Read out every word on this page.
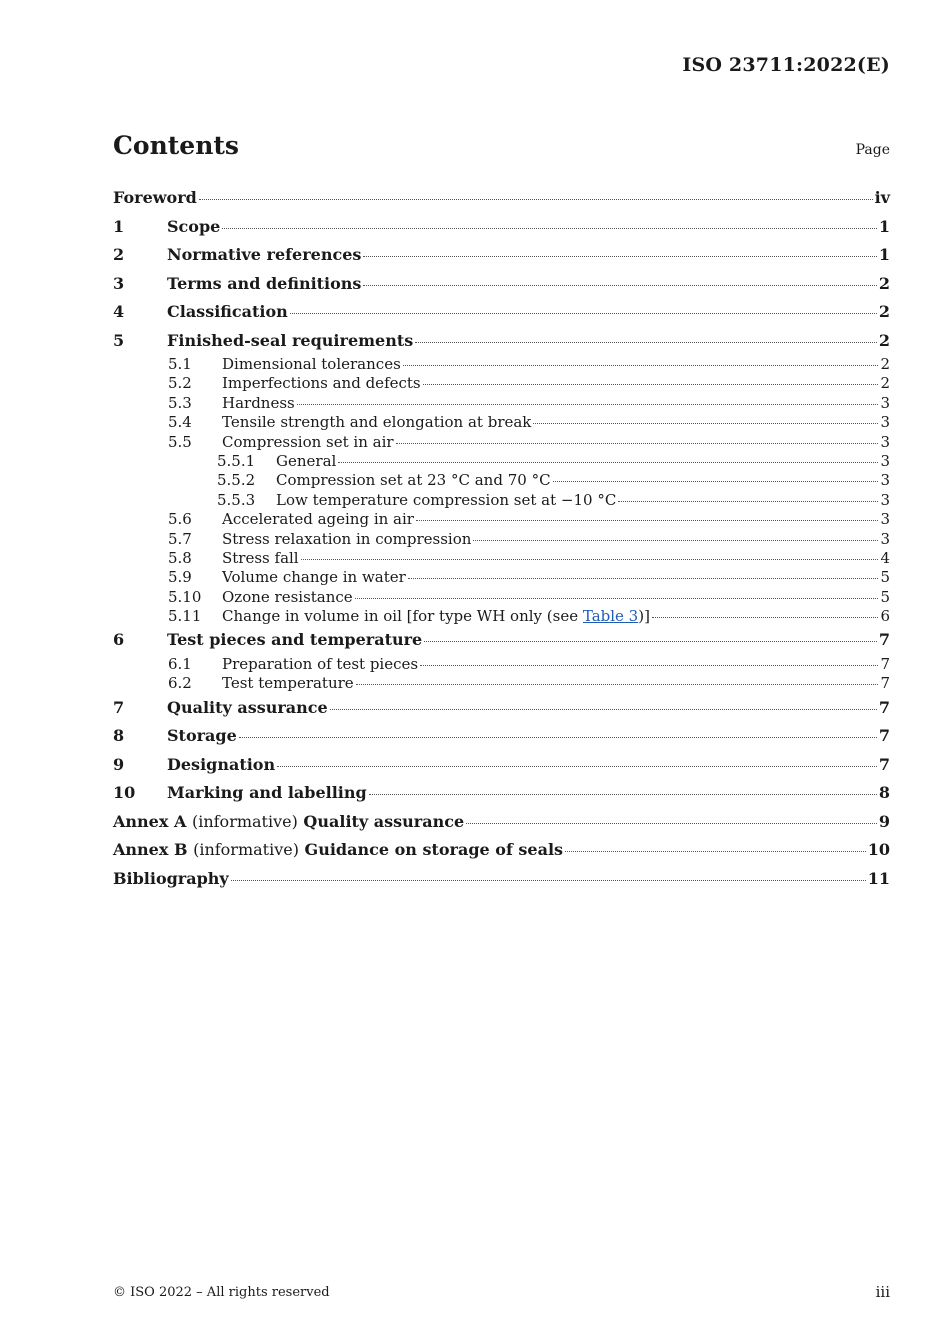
ISO 23711:2022(E)
Contents	Page
Foreword	iv
1	Scope	1
2	Normative references	1
3	Terms and definitions	2
4	Classification	2
5	Finished-seal requirements	2
5.1 Dimensional tolerances	2
5.2 Imperfections and defects	2
5.3 Hardness	3
5.4 Tensile strength and elongation at break	3
5.5 Compression set in air	3
5.5.1 General	3
5.5.2 Compression set at 23 °C and 70 °C	3
5.5.3 Low temperature compression set at −10 °C	3
5.6 Accelerated ageing in air	3
5.7 Stress relaxation in compression	3
5.8 Stress fall	4
5.9 Volume change in water	5
5.10 Ozone resistance	5
5.11 Change in volume in oil [for type WH only (see Table 3)]	6
6	Test pieces and temperature	7
6.1 Preparation of test pieces	7
6.2 Test temperature	7
7	Quality assurance	7
8	Storage	7
9	Designation	7
10 Marking and labelling	8
Annex A (informative) Quality assurance	9
Annex B (informative) Guidance on storage of seals	10
Bibliography	11
© ISO 2022 – All rights reserved	iii
